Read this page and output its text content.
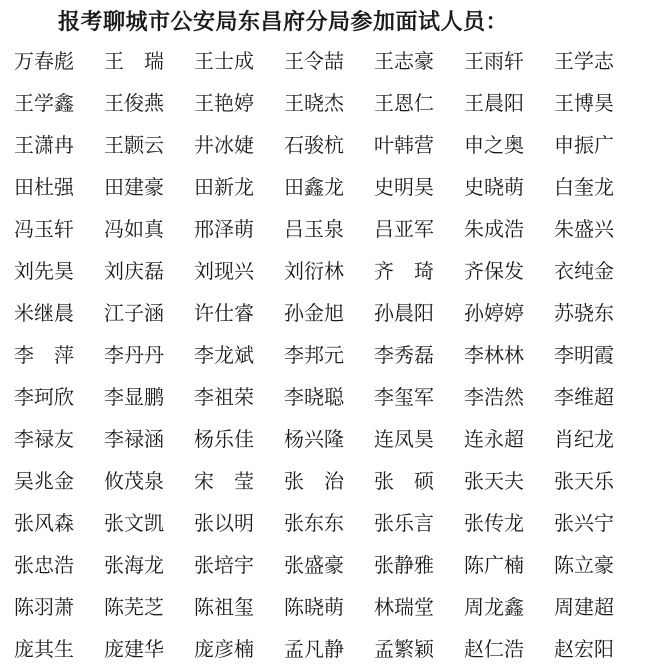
报考聊城市公安局东昌府分局参加面试人员：
万春彪	王　瑞	王士成	王令喆	王志豪	王雨轩	王学志
王学鑫	王俊燕	王艳婷	王晓杰	王恩仁	王晨阳	王博昊
王潇冉	王颢云	井冰婕	石骏杭	叶韩营	申之奥	申振广
田杜强	田建豪	田新龙	田鑫龙	史明昊	史晓萌	白奎龙
冯玉轩	冯如真	邢泽萌	吕玉泉	吕亚军	朱成浩	朱盛兴
刘先昊	刘庆磊	刘现兴	刘衍林	齐　琦	齐保发	衣纯金
米继晨	江子涵	许仕睿	孙金旭	孙晨阳	孙婷婷	苏骁东
李　萍	李丹丹	李龙斌	李邦元	李秀磊	李林林	李明霞
李珂欣	李显鹏	李祖荣	李晓聪	李玺军	李浩然	李维超
李禄友	李禄涵	杨乐佳	杨兴隆	连凤昊	连永超	肖纪龙
吴兆金	攸茂泉	宋　莹	张　治	张　硕	张天夫	张天乐
张风森	张文凯	张以明	张东东	张乐言	张传龙	张兴宁
张忠浩	张海龙	张培宇	张盛豪	张静雅	陈广楠	陈立豪
陈羽萧	陈芜芝	陈祖玺	陈晓萌	林瑞堂	周龙鑫	周建超
庞其生	庞建华	庞彦楠	孟凡静	孟繁颖	赵仁浩	赵宏阳
